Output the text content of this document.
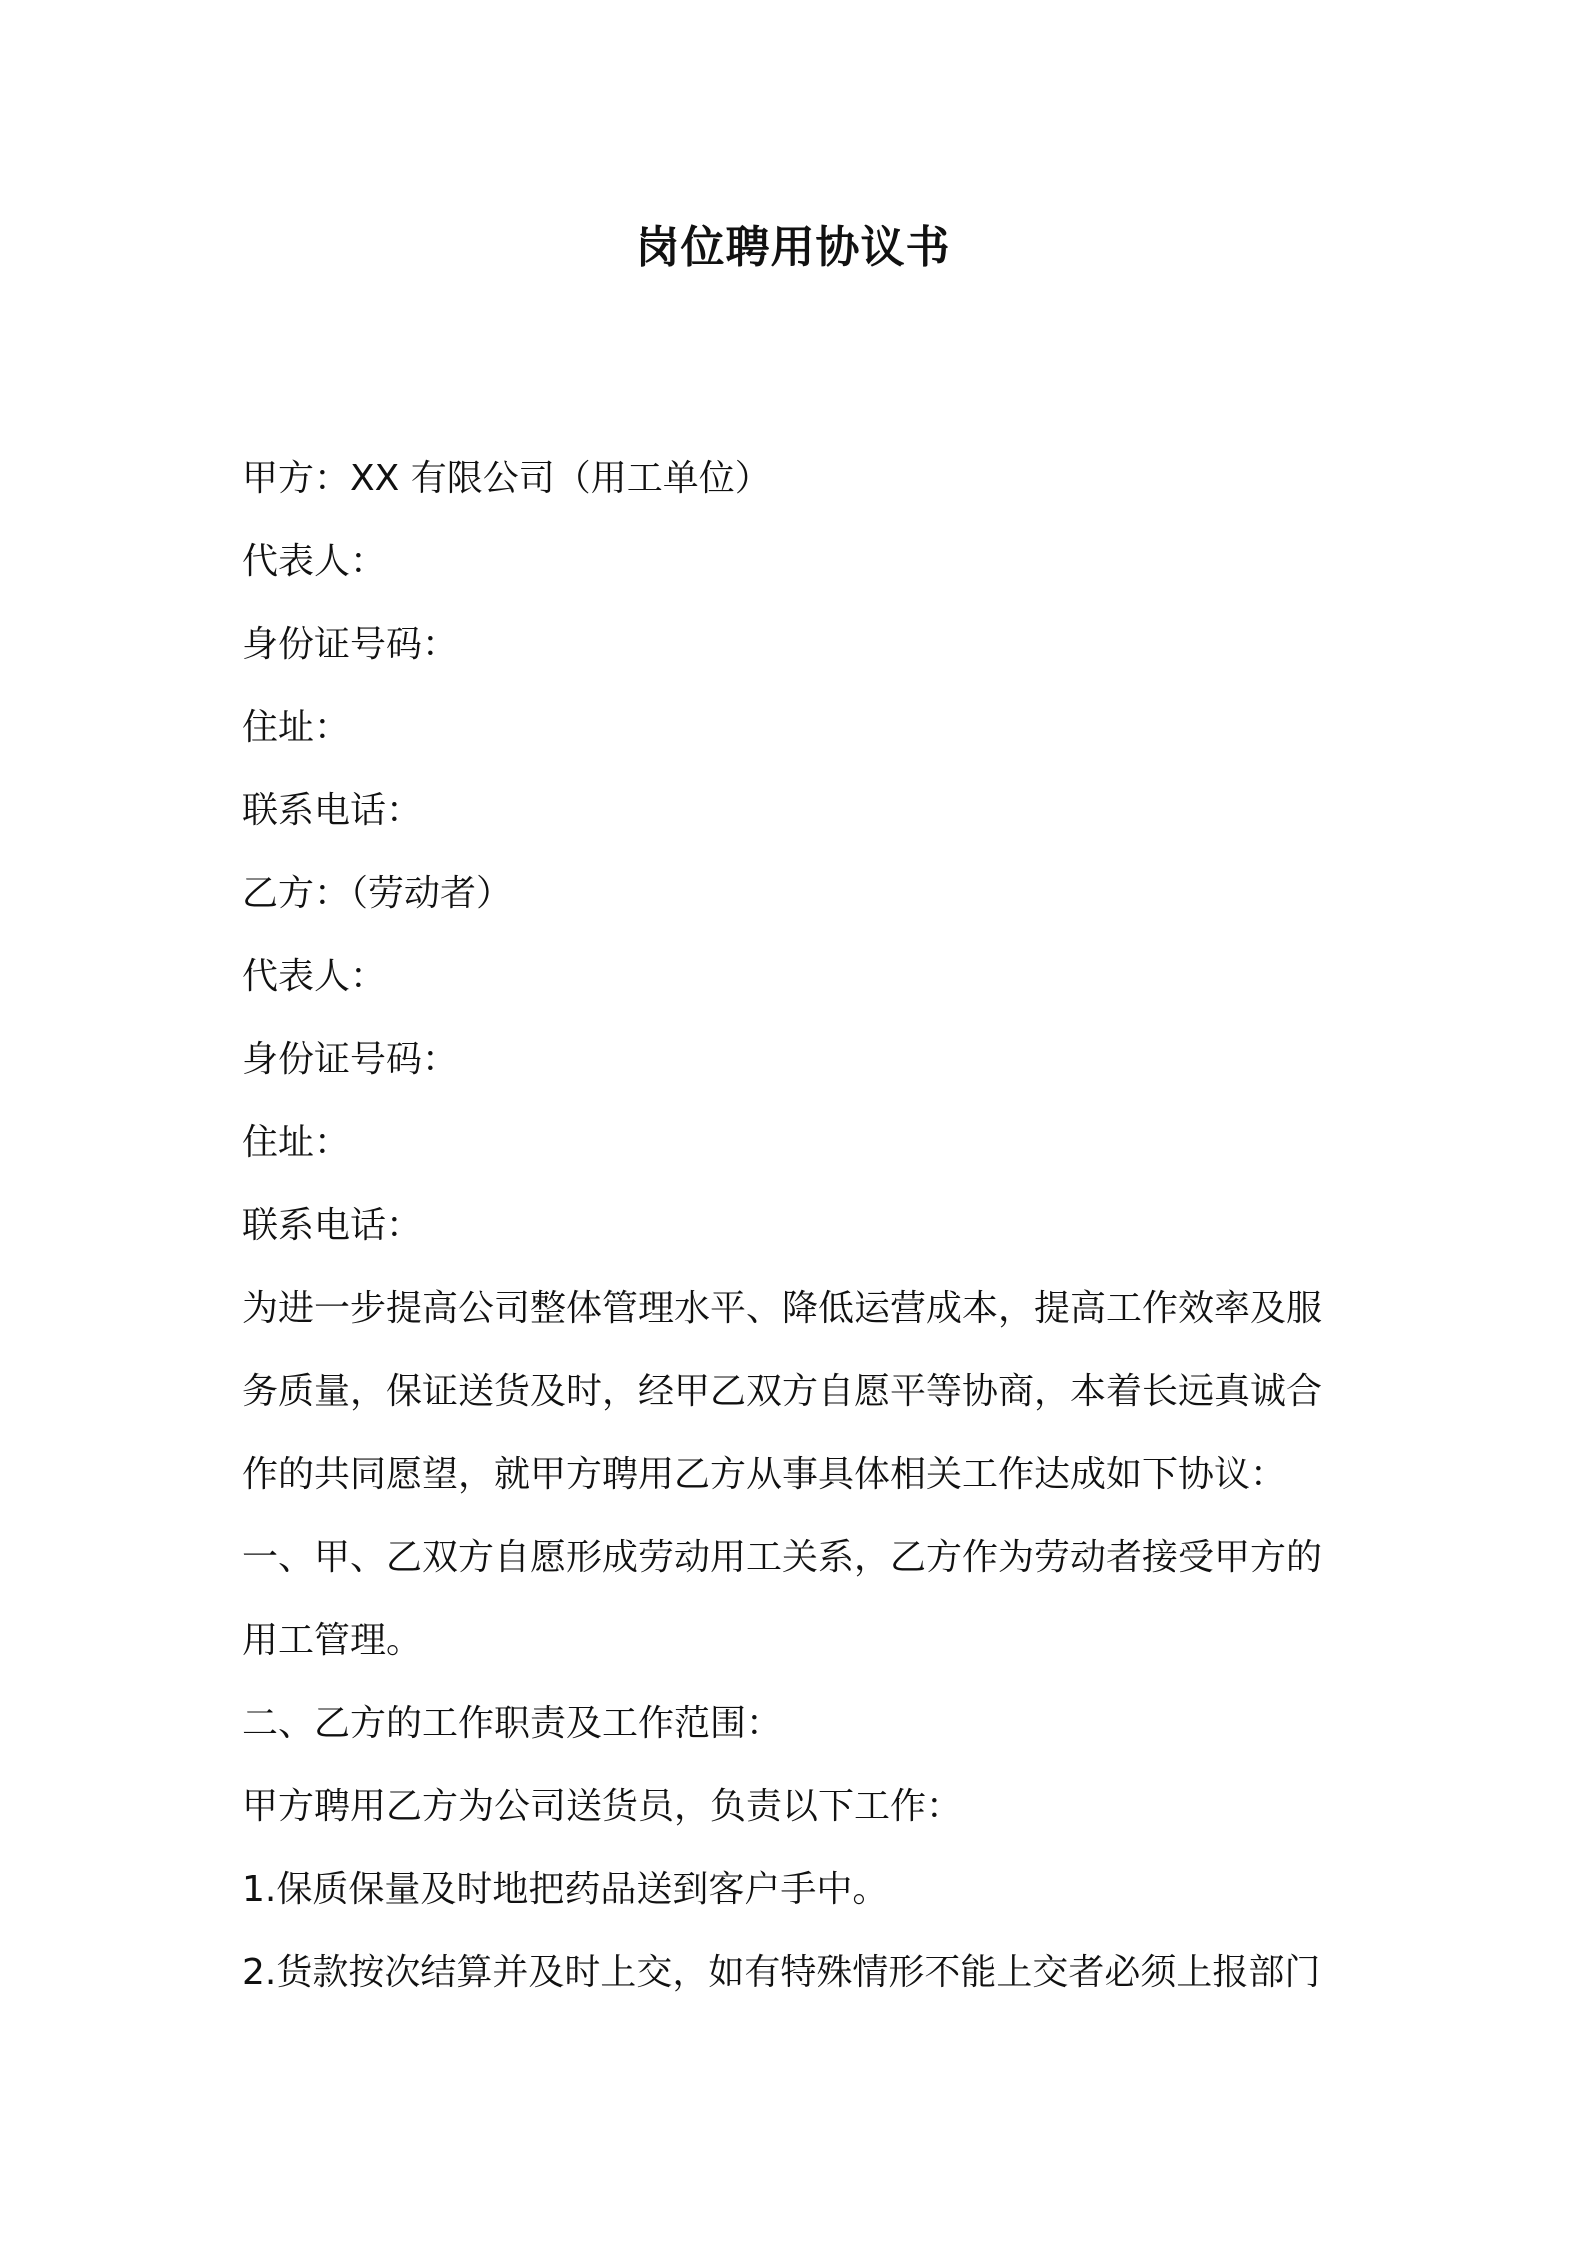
岗位聘用协议书
甲方：XX 有限公司（用工单位）
代表人：
身份证号码：
住址：
联系电话：
乙方：（劳动者）
代表人：
身份证号码：
住址：
联系电话：
为进一步提高公司整体管理水平、降低运营成本，提高工作效率及服
务质量，保证送货及时，经甲乙双方自愿平等协商，本着长远真诚合
作的共同愿望，就甲方聘用乙方从事具体相关工作达成如下协议：
一、甲、乙双方自愿形成劳动用工关系，乙方作为劳动者接受甲方的
用工管理。
二、乙方的工作职责及工作范围：
甲方聘用乙方为公司送货员，负责以下工作：
1.保质保量及时地把药品送到客户手中。
2.货款按次结算并及时上交，如有特殊情形不能上交者必须上报部门
